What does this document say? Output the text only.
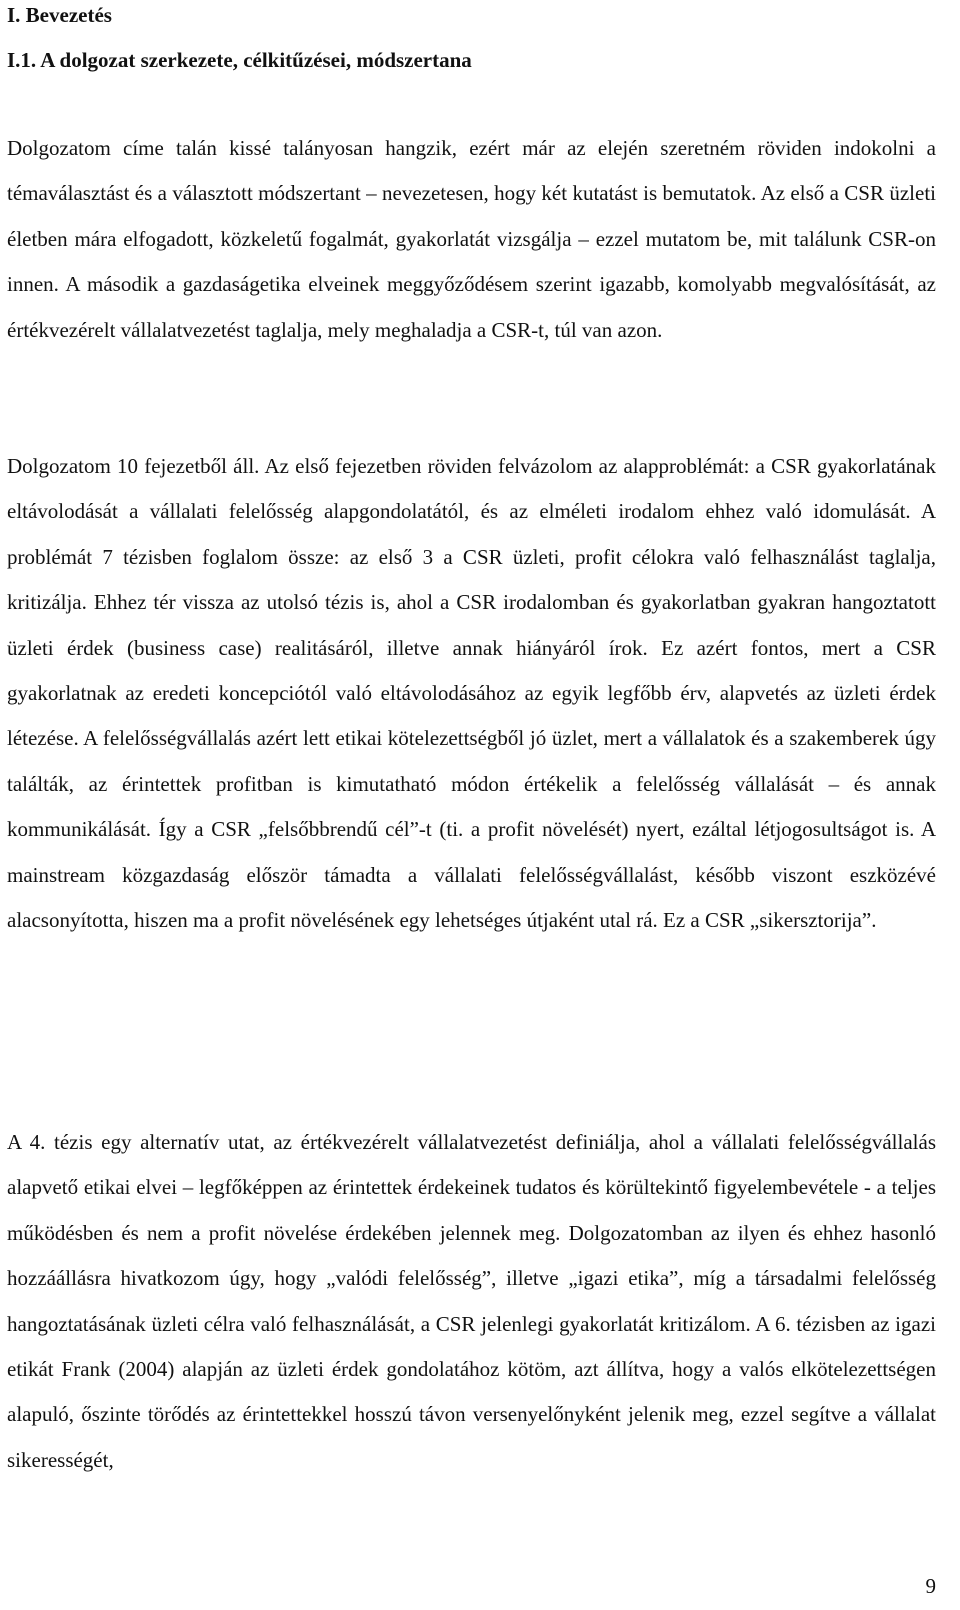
I. Bevezetés
I.1. A dolgozat szerkezete, célkitűzései, módszertana

Dolgozatom címe talán kissé talányosan hangzik, ezért már az elején szeretném röviden indokolni a témaválasztást és a választott módszertant – nevezetesen, hogy két kutatást is bemutatok. Az első a CSR üzleti életben mára elfogadott, közkeletű fogalmát, gyakorlatát vizsgálja – ezzel mutatom be, mit találunk CSR-on innen. A második a gazdaságetika elveinek meggyőződésem szerint igazabb, komolyabb megvalósítását, az értékvezérelt vállalatvezetést taglalja, mely meghaladja a CSR-t, túl van azon.

Dolgozatom 10 fejezetből áll. Az első fejezetben röviden felvázolom az alapproblémát: a CSR gyakorlatának eltávolodását a vállalati felelősség alapgondolatától, és az elméleti irodalom ehhez való idomulását. A problémát 7 tézisben foglalom össze: az első 3 a CSR üzleti, profit célokra való felhasználást taglalja, kritizálja. Ehhez tér vissza az utolsó tézis is, ahol a CSR irodalomban és gyakorlatban gyakran hangoztatott üzleti érdek (business case) realitásáról, illetve annak hiányáról írok. Ez azért fontos, mert a CSR gyakorlatnak az eredeti koncepciótól való eltávolodásához az egyik legfőbb érv, alapvetés az üzleti érdek létezése. A felelősségvállalás azért lett etikai kötelezettségből jó üzlet, mert a vállalatok és a szakemberek úgy találták, az érintettek profitban is kimutatható módon értékelik a felelősség vállalását – és annak kommunikálását. Így a CSR „felsőbbrendű cél”-t (ti. a profit növelését) nyert, ezáltal létjogosultságot is. A mainstream közgazdaság először támadta a vállalati felelősségvállalást, később viszont eszközévé alacsonyította, hiszen ma a profit növelésének egy lehetséges útjaként utal rá. Ez a CSR „sikersztorija”.

A 4. tézis egy alternatív utat, az értékvezérelt vállalatvezetést definiálja, ahol a vállalati felelősségvállalás alapvető etikai elvei – legfőképpen az érintettek érdekeinek tudatos és körültekintő figyelembevétele - a teljes működésben és nem a profit növelése érdekében jelennek meg. Dolgozatomban az ilyen és ehhez hasonló hozzáállásra hivatkozom úgy, hogy „valódi felelősség”, illetve „igazi etika”, míg a társadalmi felelősség hangoztatásának üzleti célra való felhasználását, a CSR jelenlegi gyakorlatát kritizálom. A 6. tézisben az igazi etikát Frank (2004) alapján az üzleti érdek gondolatához kötöm, azt állítva, hogy a valós elkötelezettségen alapuló, őszinte törődés az érintettekkel hosszú távon versenyelőnyként jelenik meg, ezzel segítve a vállalat sikerességét,

9
